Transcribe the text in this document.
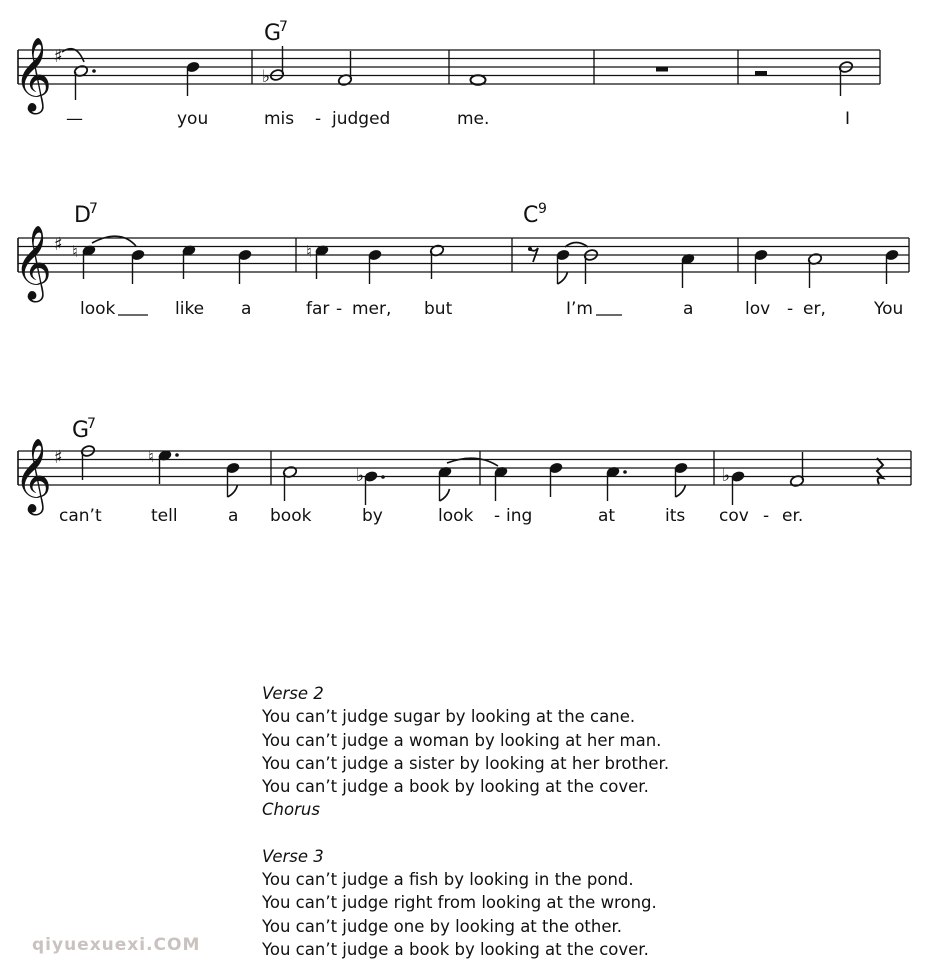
𝄞 ♯
♭
G
7
—	you	mis - judged	me.	I
𝄞 ♯ ♮	♮
D
7	C 9
look	like a	far - mer, but	I’m	a	lov - er,	You
𝄞 ♯	♮
♭	♭
G
7
can’t	tell	a book	by	look - ing	at	its cov - er.
Verse 2
You can’t judge sugar by looking at the cane.
You can’t judge a woman by looking at her man.
You can’t judge a sister by looking at her brother.
You can’t judge a book by looking at the cover.
Chorus
Verse 3
You can’t judge a fish by looking in the pond.
You can’t judge right from looking at the wrong.
You can’t judge one by looking at the other.
You can’t judge a book by looking at the cover.
qiyuexuexi.COM
